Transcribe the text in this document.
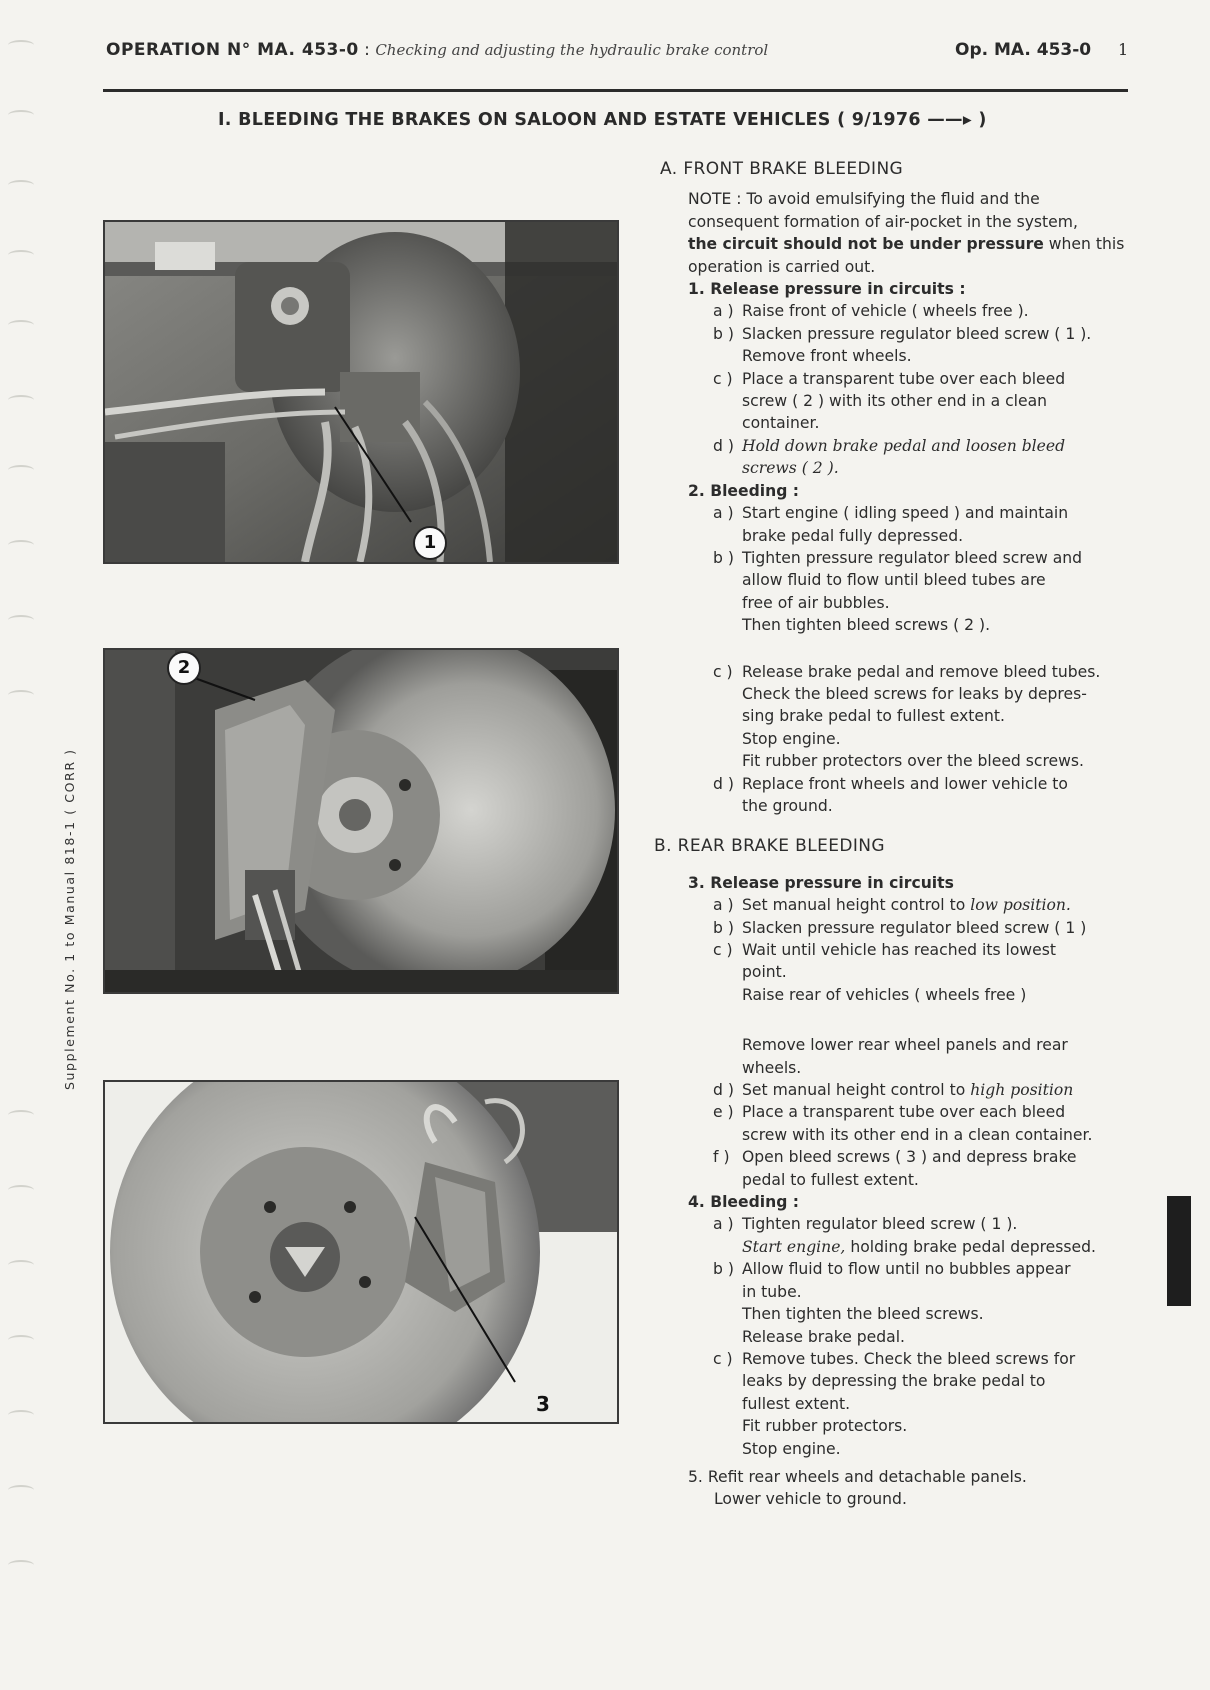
OPERATION N° MA. 453-0 : Checking and adjusting the hydraulic brake control	Op. MA. 453-0 1
I. BLEEDING THE BRAKES ON SALOON AND ESTATE VEHICLES ( 9/1976 ——▸ )
Supplement No. 1 to Manual 818-1 ( CORR )
1
2
3
A. FRONT BRAKE BLEEDING

NOTE : To avoid emulsifying the fluid and the

consequent formation of air-pocket in the system,

the circuit should not be under pressure when this

operation is carried out.

1. Release pressure in circuits :

a ) Raise front of vehicle ( wheels free ).
b ) Slacken pressure regulator bleed screw ( 1 ).

Remove front wheels.

c ) Place a transparent tube over each bleed

screw ( 2 ) with its other end in a clean

container.

d ) Hold down brake pedal and loosen bleed

screws ( 2 ).

2. Bleeding :

a ) Start engine ( idling speed ) and maintain

brake pedal fully depressed.

b ) Tighten pressure regulator bleed screw and

allow fluid to flow until bleed tubes are

free of air bubbles.

Then tighten bleed screws ( 2 ).

c ) Release brake pedal and remove bleed tubes.

Check the bleed screws for leaks by depres-

sing brake pedal to fullest extent.

Stop engine.

Fit rubber protectors over the bleed screws.

d ) Replace front wheels and lower vehicle to

the ground.

B. REAR BRAKE BLEEDING

3. Release pressure in circuits

a ) Set manual height control to low position.
b ) Slacken pressure regulator bleed screw ( 1 )
c ) Wait until vehicle has reached its lowest

point.

Raise rear of vehicles ( wheels free )

Remove lower rear wheel panels and rear

wheels.

d ) Set manual height control to high position
e ) Place a transparent tube over each bleed

screw with its other end in a clean container.

f ) Open bleed screws ( 3 ) and depress brake

pedal to fullest extent.

4. Bleeding :

a ) Tighten regulator bleed screw ( 1 ).

Start engine, holding brake pedal depressed.

b ) Allow fluid to flow until no bubbles appear

in tube.

Then tighten the bleed screws.

Release brake pedal.

c ) Remove tubes. Check the bleed screws for

leaks by depressing the brake pedal to

fullest extent.

Fit rubber protectors.

Stop engine.

5. Refit rear wheels and detachable panels.

Lower vehicle to ground.
